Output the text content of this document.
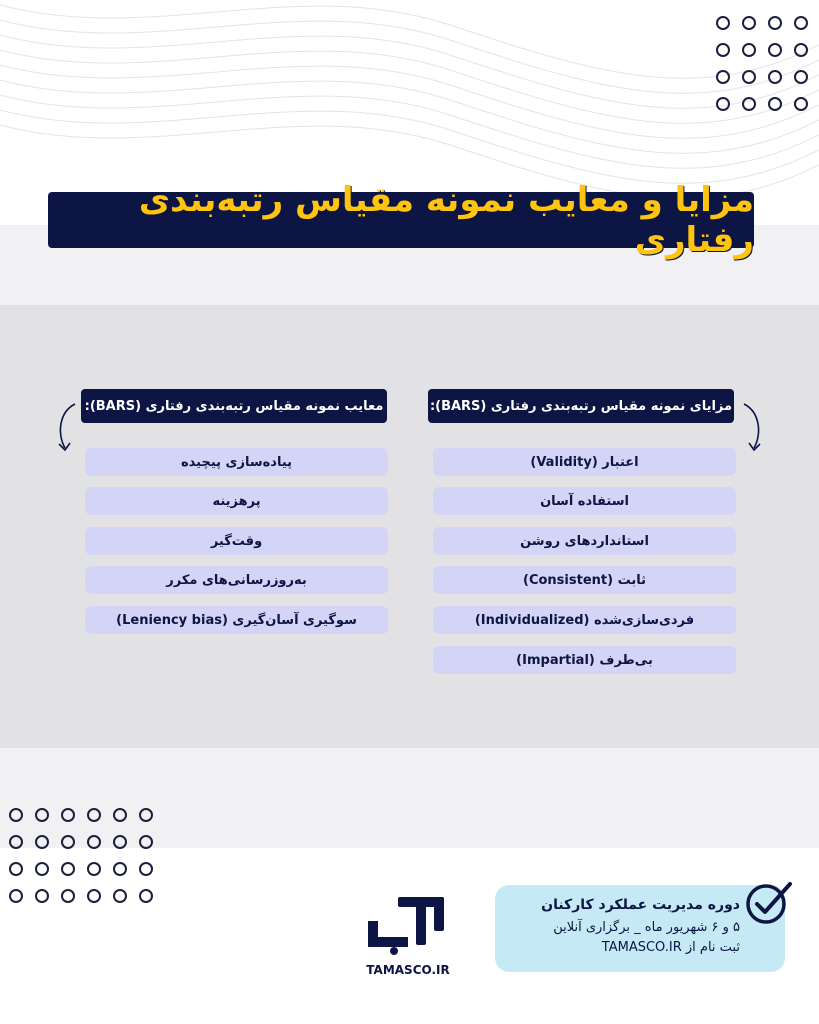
مزایا و معایب نمونه مقیاس رتبه‌بندی رفتاری
معایب نمونه مقیاس رتبه‌بندی رفتاری (BARS):	مزایای نمونه مقیاس رتبه‌بندی رفتاری (BARS):
پیاده‌سازی پیچیده
پرهزینه
وقت‌گیر
به‌روزرسانی‌های مکرر
سوگیری آسان‌گیری (Leniency bias)
اعتبار (Validity)
استفاده آسان
استانداردهای روشن
ثابت (Consistent)
فردی‌سازی‌شده (Individualized)
بی‌طرف (Impartial)
TAMASCO.IR
دوره مدیریت عملکرد کارکنان
۵ و ۶ شهریور ماه _ برگزاری آنلاین
ثبت نام از TAMASCO.IR
